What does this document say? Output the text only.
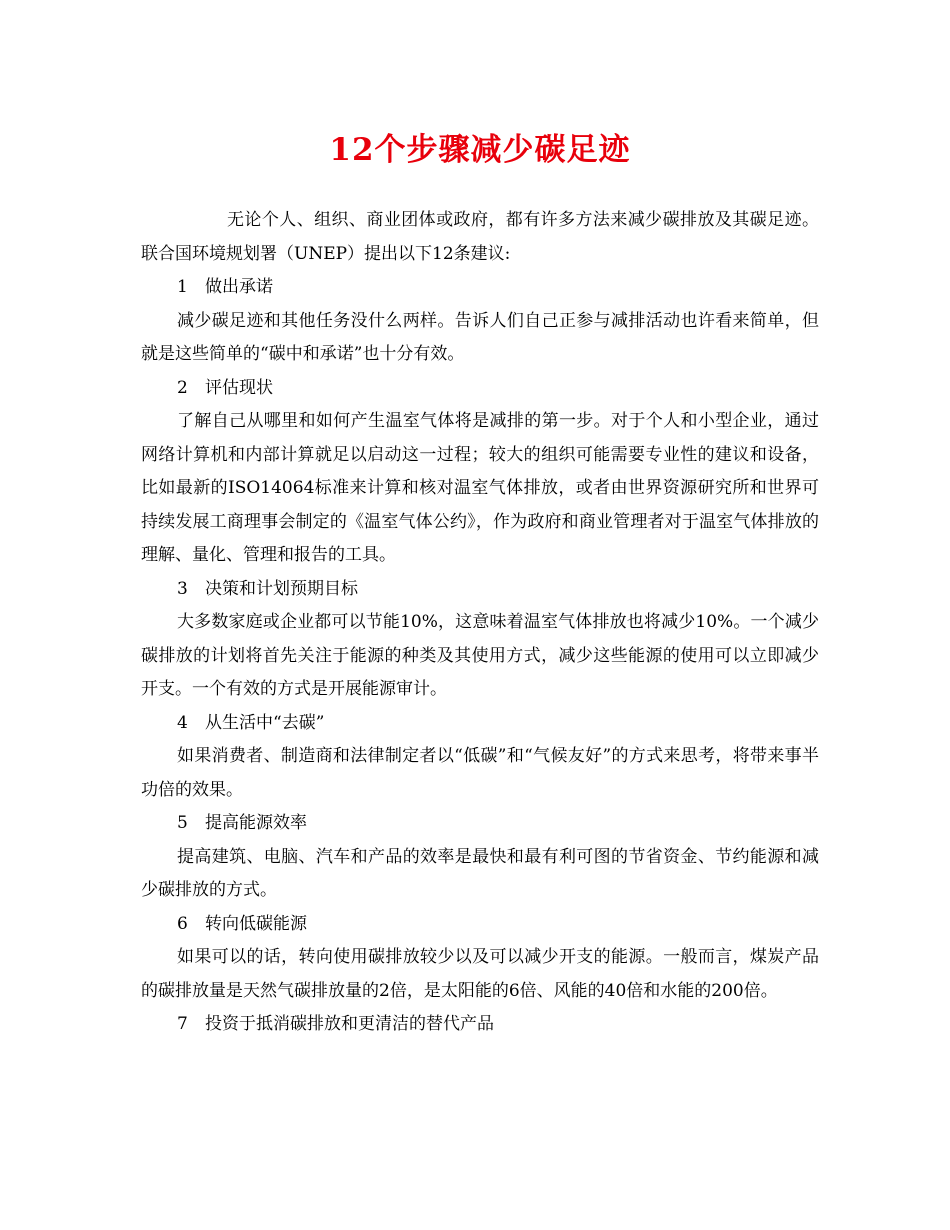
12个步骤减少碳足迹

无论个人、组织、商业团体或政府，都有许多方法来减少碳排放及其碳足迹。联合国环境规划署（UNEP）提出以下12条建议:

1 做出承诺

减少碳足迹和其他任务没什么两样。告诉人们自己正参与减排活动也许看来简单，但就是这些简单的“碳中和承诺”也十分有效。

2 评估现状

了解自己从哪里和如何产生温室气体将是减排的第一步。对于个人和小型企业，通过网络计算机和内部计算就足以启动这一过程；较大的组织可能需要专业性的建议和设备，比如最新的ISO14064标准来计算和核对温室气体排放，或者由世界资源研究所和世界可持续发展工商理事会制定的《温室气体公约》，作为政府和商业管理者对于温室气体排放的理解、量化、管理和报告的工具。

3 决策和计划预期目标

大多数家庭或企业都可以节能10%，这意味着温室气体排放也将减少10%。一个减少碳排放的计划将首先关注于能源的种类及其使用方式，减少这些能源的使用可以立即减少开支。一个有效的方式是开展能源审计。

4 从生活中“去碳”

如果消费者、制造商和法律制定者以“低碳”和“气候友好”的方式来思考，将带来事半功倍的效果。

5 提高能源效率

提高建筑、电脑、汽车和产品的效率是最快和最有利可图的节省资金、节约能源和减少碳排放的方式。

6 转向低碳能源

如果可以的话，转向使用碳排放较少以及可以减少开支的能源。一般而言，煤炭产品的碳排放量是天然气碳排放量的2倍，是太阳能的6倍、风能的40倍和水能的200倍。

7 投资于抵消碳排放和更清洁的替代产品
